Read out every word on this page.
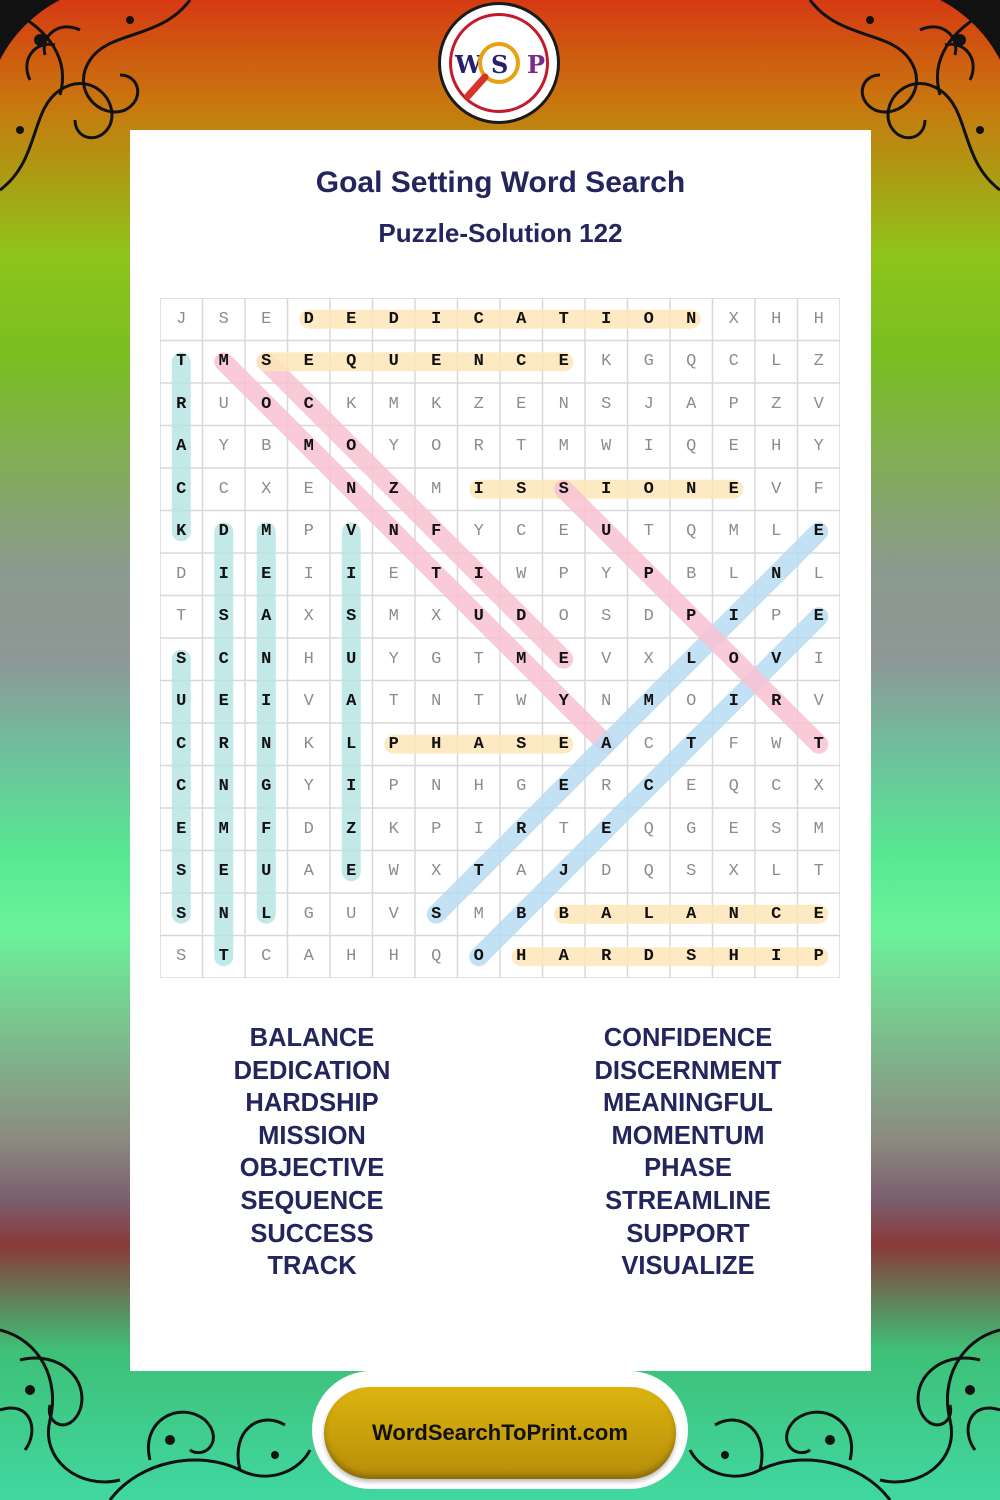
W S P
Goal Setting Word Search
Puzzle-Solution 122
J	S	E	D	E	D	I	C	A	T	I	O	N	X	H	H
T	M	S	E	Q	U	E	N	C	E	K	G	Q	C	L	Z
R	U	O	C	K	M	K	Z	E	N	S	J	A	P	Z	V
A	Y	B	M	O	Y	O	R	T	M	W	I	Q	E	H	Y
C	C	X	E	N	Z	M	I	S	S	I	O	N	E	V	F
K	D	M	P	V	N	F	Y	C	E	U	T	Q	M	L	E
D	I	E	I	I	E	T	I	W	P	Y	P	B	L	N	L
T	S	A	X	S	M	X	U	D	O	S	D	P	I	P	E
S	C	N	H	U	Y	G	T	M	E	V	X	L	O	V	I
U	E	I	V	A	T	N	T	W	Y	N	M	O	I	R	V
C	R	N	K	L	P	H	A	S	E	A	C	T	F	W	T
C	N	G	Y	I	P	N	H	G	E	R	C	E	Q	C	X
E	M	F	D	Z	K	P	I	R	T	E	Q	G	E	S	M
S	E	U	A	E	W	X	T	A	J	D	Q	S	X	L	T
S	N	L	G	U	V	S	M	B	B	A	L	A	N	C	E
S	T	C	A	H	H	Q	O	H	A	R	D	S	H	I	P
BALANCE
DEDICATION
HARDSHIP
MISSION
OBJECTIVE
SEQUENCE
SUCCESS
TRACK
CONFIDENCE
DISCERNMENT
MEANINGFUL
MOMENTUM
PHASE
STREAMLINE
SUPPORT
VISUALIZE
WordSearchToPrint.com
